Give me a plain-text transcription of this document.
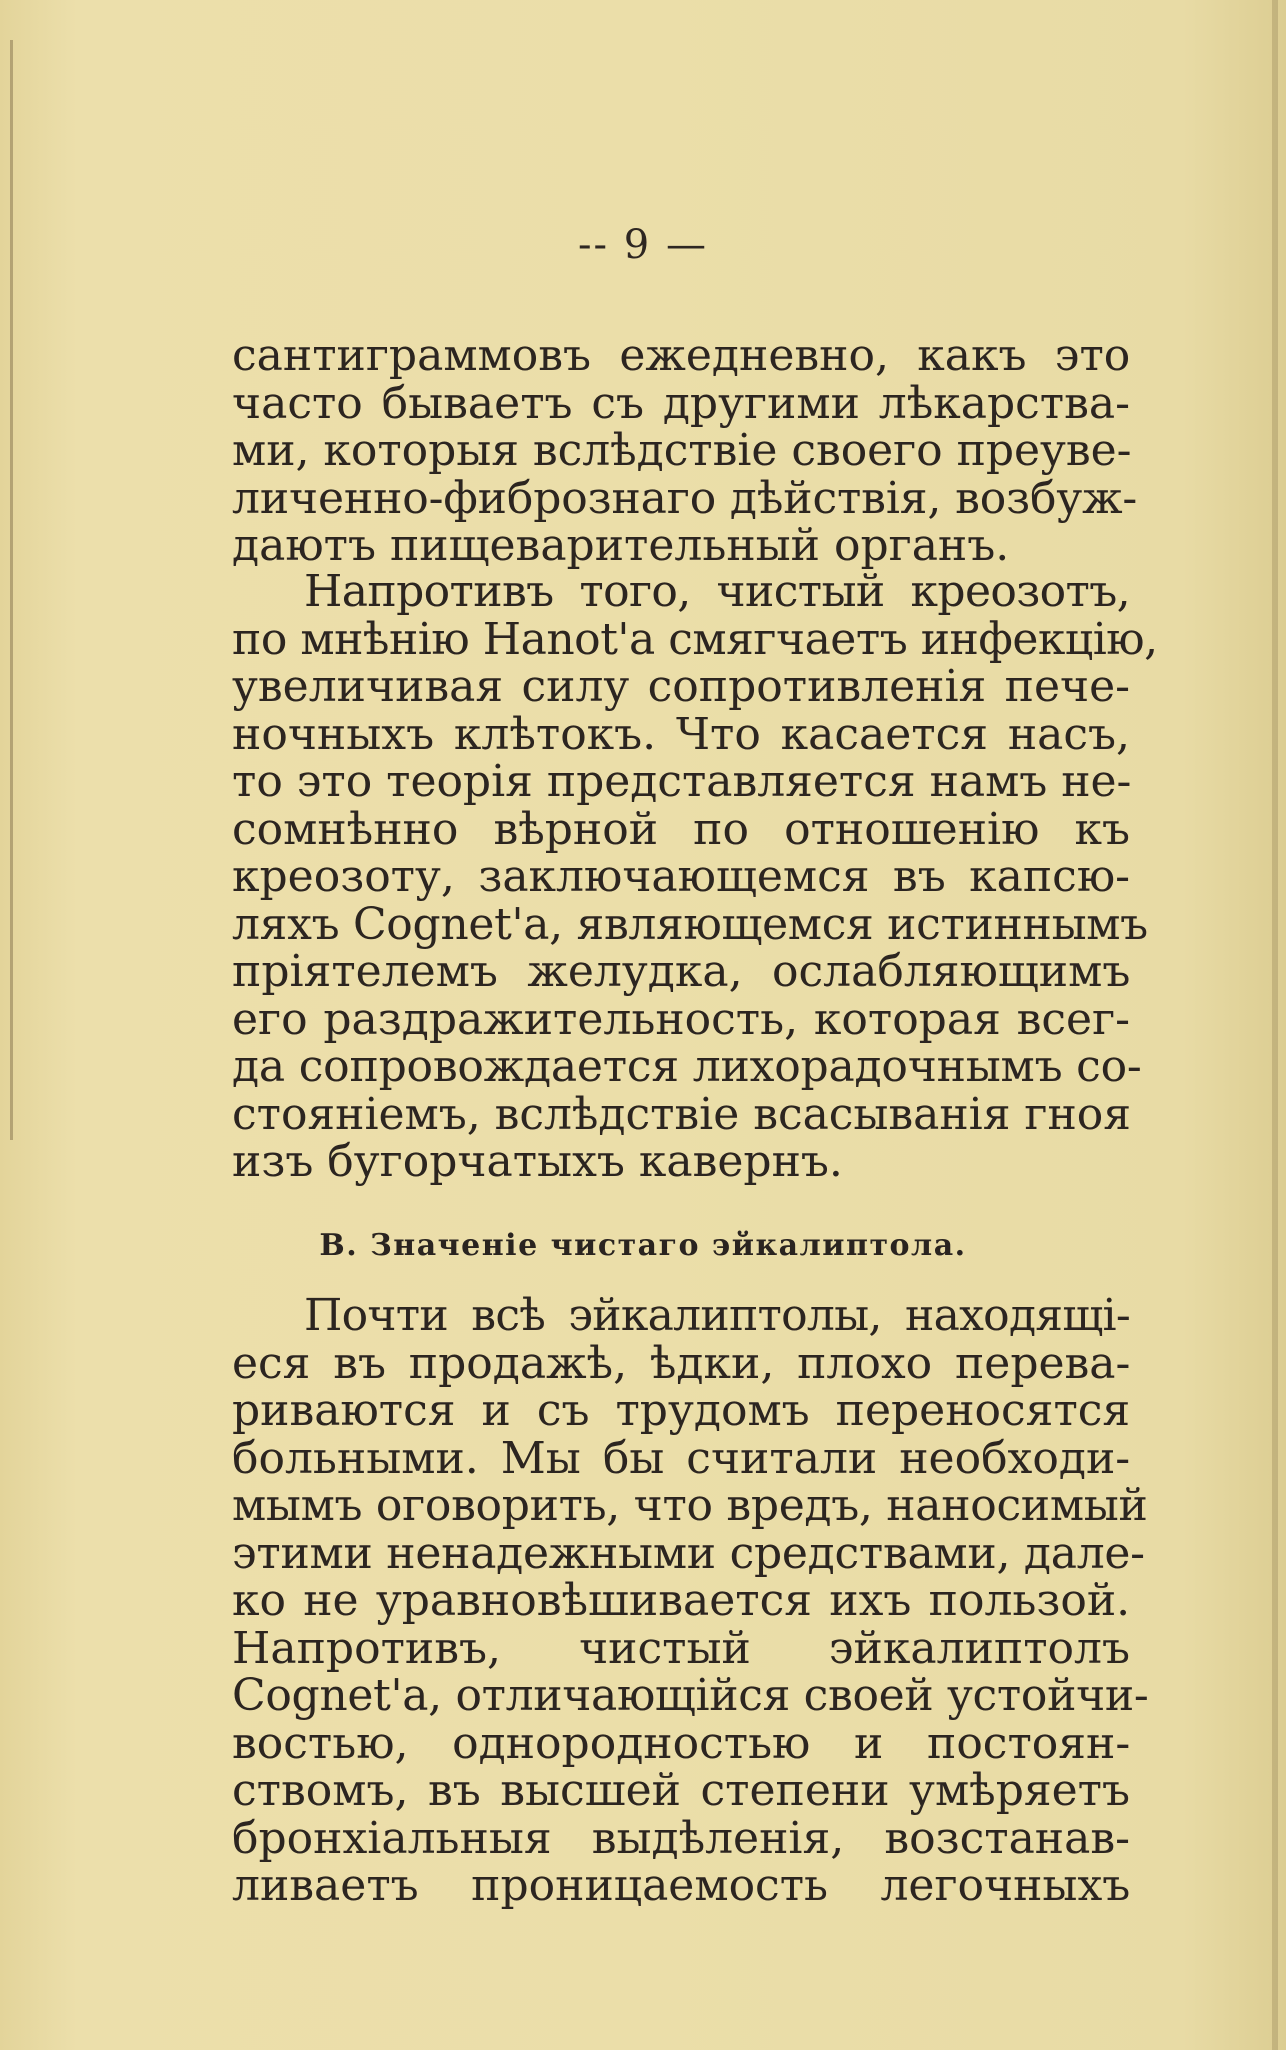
-- 9 —

сантиграммовъ ежедневно, какъ это
часто бываетъ съ другими лѣкарства-
ми, которыя вслѣдствіе своего преуве-
личенно-фибрознаго дѣйствія, возбуж-
даютъ пищеварительный органъ.

Напротивъ того, чистый креозотъ,
по мнѣнію Hanot'а смягчаетъ инфекцію,
увеличивая силу сопротивленія пече-
ночныхъ клѣтокъ. Что касается насъ,
то это теорія представляется намъ не-
сомнѣнно вѣрной по отношенію къ
креозоту, заключающемся въ капсю-
ляхъ Cognet'а, являющемся истиннымъ
пріятелемъ желудка, ослабляющимъ
его раздражительность, которая всег-
да сопровождается лихорадочнымъ со-
стояніемъ, вслѣдствіе всасыванія гноя
изъ бугорчатыхъ кавернъ.

В. Значеніе чистаго эйкалиптола.

Почти всѣ эйкалиптолы, находящі-
еся въ продажѣ, ѣдки, плохо перева-
риваются и съ трудомъ переносятся
больными. Мы бы считали необходи-
мымъ оговорить, что вредъ, наносимый
этими ненадежными средствами, дале-
ко не уравновѣшивается ихъ пользой.
Напротивъ, чистый эйкалиптолъ
Cognet'а, отличающійся своей устойчи-
востью, однородностью и постоян-
ствомъ, въ высшей степени умѣряетъ
бронхіальныя выдѣленія, возстанав-
ливаетъ проницаемость легочныхъ
